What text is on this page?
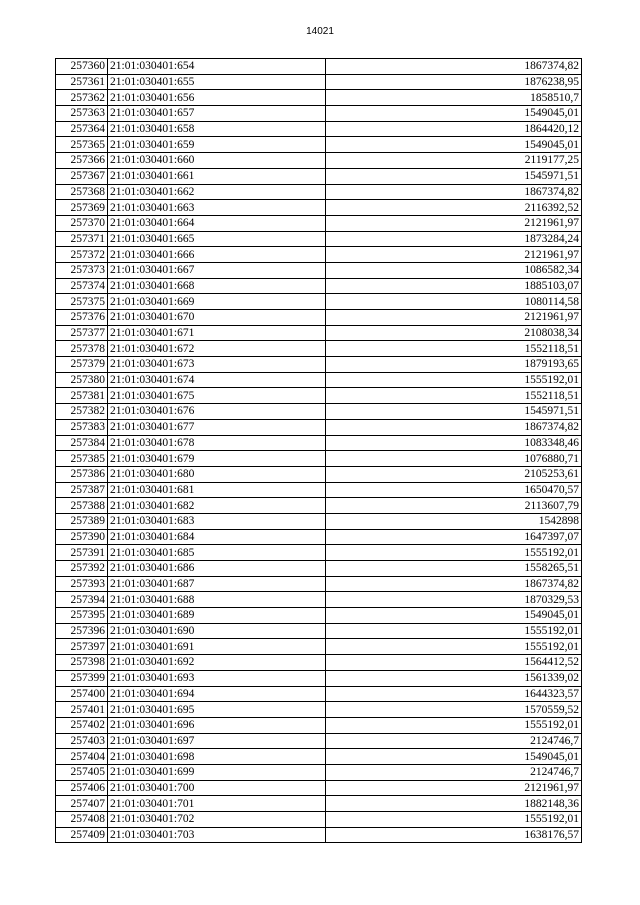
14021
257360	21:01:030401:654	1867374,82
257361	21:01:030401:655	1876238,95
257362	21:01:030401:656	1858510,7
257363	21:01:030401:657	1549045,01
257364	21:01:030401:658	1864420,12
257365	21:01:030401:659	1549045,01
257366	21:01:030401:660	2119177,25
257367	21:01:030401:661	1545971,51
257368	21:01:030401:662	1867374,82
257369	21:01:030401:663	2116392,52
257370	21:01:030401:664	2121961,97
257371	21:01:030401:665	1873284,24
257372	21:01:030401:666	2121961,97
257373	21:01:030401:667	1086582,34
257374	21:01:030401:668	1885103,07
257375	21:01:030401:669	1080114,58
257376	21:01:030401:670	2121961,97
257377	21:01:030401:671	2108038,34
257378	21:01:030401:672	1552118,51
257379	21:01:030401:673	1879193,65
257380	21:01:030401:674	1555192,01
257381	21:01:030401:675	1552118,51
257382	21:01:030401:676	1545971,51
257383	21:01:030401:677	1867374,82
257384	21:01:030401:678	1083348,46
257385	21:01:030401:679	1076880,71
257386	21:01:030401:680	2105253,61
257387	21:01:030401:681	1650470,57
257388	21:01:030401:682	2113607,79
257389	21:01:030401:683	1542898
257390	21:01:030401:684	1647397,07
257391	21:01:030401:685	1555192,01
257392	21:01:030401:686	1558265,51
257393	21:01:030401:687	1867374,82
257394	21:01:030401:688	1870329,53
257395	21:01:030401:689	1549045,01
257396	21:01:030401:690	1555192,01
257397	21:01:030401:691	1555192,01
257398	21:01:030401:692	1564412,52
257399	21:01:030401:693	1561339,02
257400	21:01:030401:694	1644323,57
257401	21:01:030401:695	1570559,52
257402	21:01:030401:696	1555192,01
257403	21:01:030401:697	2124746,7
257404	21:01:030401:698	1549045,01
257405	21:01:030401:699	2124746,7
257406	21:01:030401:700	2121961,97
257407	21:01:030401:701	1882148,36
257408	21:01:030401:702	1555192,01
257409	21:01:030401:703	1638176,57
